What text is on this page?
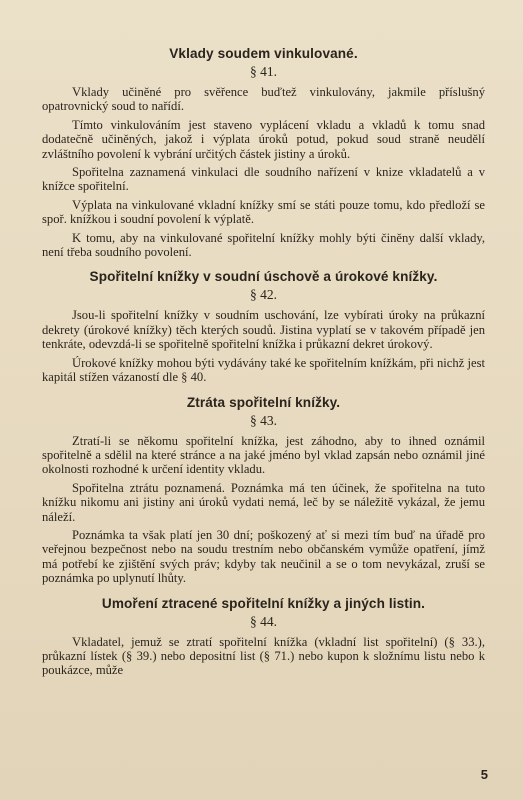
Vklady soudem vinkulované.
§ 41.

Vklady učiněné pro svěřence buďtež vinkulovány, jakmile příslušný opatrovnický soud to nařídí.

Tímto vinkulováním jest staveno vyplácení vkladu a vkladů k tomu snad dodatečně učiněných, jakož i výplata úroků potud, pokud soud straně neudělí zvláštního povolení k vybrání určitých částek jistiny a úroků.

Spořitelna zaznamená vinkulaci dle soudního nařízení v knize vkladatelů a v knížce spořitelní.

Výplata na vinkulované vkladní knížky smí se státi pouze tomu, kdo předloží se spoř. knížkou i soudní povolení k výplatě.

K tomu, aby na vinkulované spořitelní knížky mohly býti činěny další vklady, není třeba soudního povolení.

Spořitelní knížky v soudní úschově a úrokové knížky.
§ 42.

Jsou-li spořitelní knížky v soudním uschování, lze vybírati úroky na průkazní dekrety (úrokové knížky) těch kterých soudů. Jistina vyplatí se v takovém případě jen tenkráte, odevzdá-li se spořitelně spořitelní knížka i průkazní dekret úrokový.

Úrokové knížky mohou býti vydávány také ke spořitelním knížkám, při nichž jest kapitál stížen vázaností dle § 40.

Ztráta spořitelní knížky.
§ 43.

Ztratí-li se někomu spořitelní knížka, jest záhodno, aby to ihned oznámil spořitelně a sdělil na které stránce a na jaké jméno byl vklad zapsán nebo oznámil jiné okolnosti rozhodné k určení identity vkladu.

Spořitelna ztrátu poznamená. Poznámka má ten účinek, že spořitelna na tuto knížku nikomu ani jistiny ani úroků vydati nemá, leč by se náležitě vykázal, že jemu náleží.

Poznámka ta však platí jen 30 dní; poškozený ať si mezi tím buď na úřadě pro veřejnou bezpečnost nebo na soudu trestním nebo občanském vymůže opatření, jímž má potřebí ke zjištění svých práv; kdyby tak neučinil a se o tom nevykázal, zruší se poznámka po uplynutí lhůty.

Umoření ztracené spořitelní knížky a jiných listin.
§ 44.

Vkladatel, jemuž se ztratí spořitelní knížka (vkladní list spořitelní) (§ 33.), průkazní lístek (§ 39.) nebo depositní list (§ 71.) nebo kupon k složnímu listu nebo k poukázce, může

5
